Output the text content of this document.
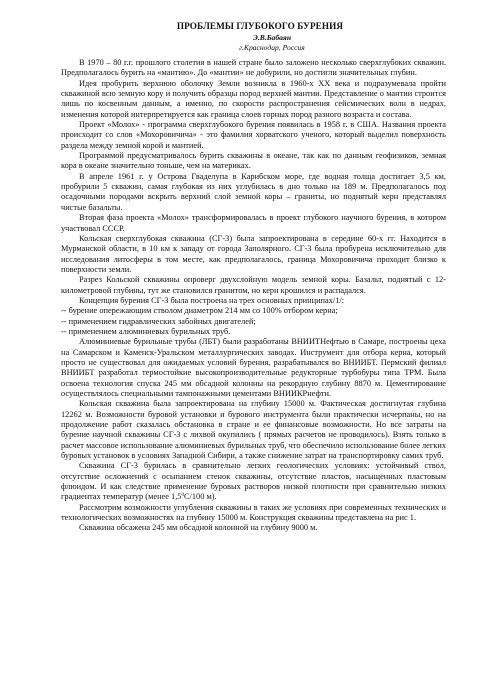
ПРОБЛЕМЫ ГЛУБОКОГО БУРЕНИЯ
Э.В.Бабаян
г.Краснодар, Россия

В 1970 – 80 г.г. прошлого столетия в нашей стране было заложено несколько сверхглубоких скважин. Предполагалось бурить на «мантию». До «мантии» не добурили, но достигли значительных глубин.

Идея пробурить верхнюю оболочку Земли возникла в 1960-х XX века и подразумевала пройти скважиной всю земную кору и получить образцы пород верхней мантии. Представление о мантии строится лишь по косвенным данным, а именно, по скорости распространения сейсмических волн в недрах, изменения которой интерпретируется как граница слоев горных пород разного возраста и состава.

Проект «Молох» - программа сверхглубокого бурения появилась в 1958 г. в США. Названия проекта происходит со слов «Мохоровичича» - это фамилия хорватского ученого, который выделил поверхность раздела между земной корой и мантией.

Программой предусматривалось бурить скважины в океане, так как по данным геофизиков, земная кора в океане значительно тоньше, чем на материках.

В апреле 1961 г. у Острова Гваделупа в Карибском море, где водная толща достигает 3,5 км, пробурили 5 скважин, самая глубокая из них углубилась в дно только на 189 м. Предполагалось под осадочными породами вскрыть верхний слой земной коры – граниты, но поднятый керн представлял чистые базальты.

Вторая фаза проекта «Молох» трансформировалась в проект глубокого научного бурения, в котором участвовал СССР.

Кольская сверхглубокая скважина (СГ-3) была запроектирована в середине 60-х гг. Находится в Мурманской области, в 10 км к западу от города Заполярного. СГ-3 была пробурена исключительно для исследования литосферы в том месте, как предполагалось, граница Мохоровичича проходит близко к поверхности земли.

Разрез Кольской скважины опроверг двухслойную модель земной коры. Базальт, поднятый с 12-километровой глубины, тут же становился гранитом, но керн крошился и распадался.

Концепция бурения СГ-3 была построена на трех основных принципах/1/:

-- бурение опережающим стволом диаметром 214 мм со 100% отбором керна;

-- применением гидравлических забойных двигателей;

-- применением алюминиевых бурильных труб.

Алюминиевые бурильные трубы (ЛБТ) были разработаны ВНИИТНефтью в Самаре, построены цеха на Самарском и Каменск-Уральском металлургических заводах. Инструмент для отбора керна, который просто не существовал для ожидаемых условий бурения, разрабатывался во ВНИИБТ. Пермский филиал ВНИИБТ разработал термостойкие высокопроизводительные редукторные турбобуры типа ТРМ. Была освоена технология спуска 245 мм обсадной колонны на рекордную глубину 8870 м. Цементирование осуществлялось специальными тампонажными цементами ВНИИКРнефти.

Кольская скважина была запроектирована на глубину 15000 м. Фактическая достигнутая глубина 12262 м. Возможности буровой установки и бурового инструмента были практически исчерпаны, но на продолжение работ сказалась обстановка в стране и ее финансовые возможности. Но все затраты на бурение научной скважины СГ-3 с лихвой окупились ( прямых расчетов не проводилось). Взять только в расчет массовое использование алюминиевых бурильных труб, что обеспечило использование более легких буровых установок в условиях Западной Сибири, а также снижение затрат на транспортировку самих труб.

Скважина СГ-3 бурилась в сравнительно легких геологических условиях: устойчивый ствол, отсутствие осложнений с осыпанием стенок скважины, отсутствие пластов, насыщенных пластовым флюидом. И как следствие применение буровых растворов низкой плотности при сравнительно низких градиентах температур (менее $1,5^0С/100$ м).

Рассмотрим возможности углубления скважины в таких же условиях при современных технических и технологических возможностях на глубину 15000 м. Конструкция скважины представлена на рис 1.

Скважина обсажена 245 мм обсадной колонной на глубину 9000 м.
